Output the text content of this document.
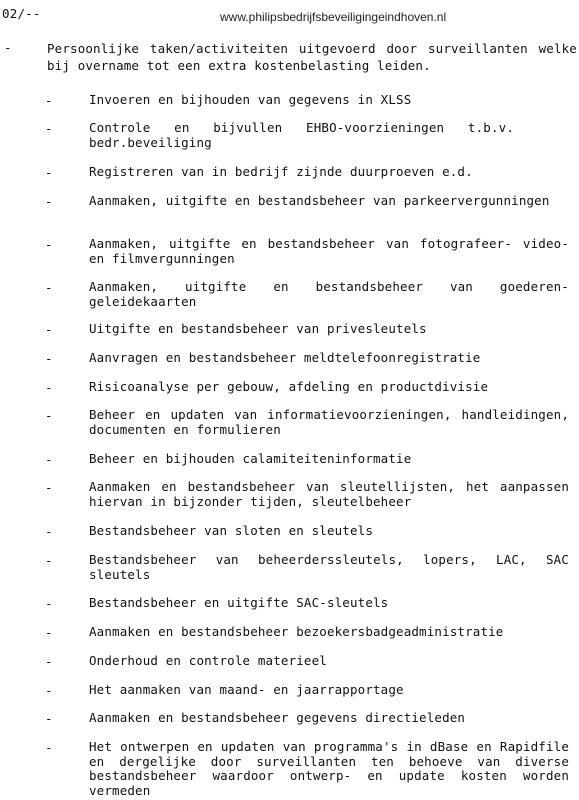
02/--	www.philipsbedrijfsbeveiligingeindhoven.nl
-	Persoonlijke taken/activiteiten uitgevoerd door surveillanten welke bij overname tot een extra kostenbelasting leiden.
-	Invoeren en bijhouden van gegevens in XLSS
-	Controle en bijvullen EHBO-voorzieningen t.b.v. bedr.beveiliging
-	Registreren van in bedrijf zijnde duurproeven e.d.
-	Aanmaken, uitgifte en bestandsbeheer van parkeervergunningen
-	Aanmaken, uitgifte en bestandsbeheer van fotografeer- video- en filmvergunningen
-	Aanmaken, uitgifte en bestandsbeheer van goederen- geleidekaarten
-	Uitgifte en bestandsbeheer van privesleutels
-	Aanvragen en bestandsbeheer meldtelefoonregistratie
-	Risicoanalyse per gebouw, afdeling en productdivisie
-	Beheer en updaten van informatievoorzieningen, handleidingen, documenten en formulieren
-	Beheer en bijhouden calamiteiteninformatie
-	Aanmaken en bestandsbeheer van sleutellijsten, het aanpassen hiervan in bijzonder tijden, sleutelbeheer
-	Bestandsbeheer van sloten en sleutels
-	Bestandsbeheer van beheerderssleutels, lopers, LAC, SAC sleutels
-	Bestandsbeheer en uitgifte SAC-sleutels
-	Aanmaken en bestandsbeheer bezoekersbadgeadministratie
-	Onderhoud en controle materieel
-	Het aanmaken van maand- en jaarrapportage
-	Aanmaken en bestandsbeheer gegevens directieleden
-	Het ontwerpen en updaten van programma's in dBase en Rapidfile en dergelijke door surveillanten ten behoeve van diverse bestandsbeheer waardoor ontwerp- en update kosten worden vermeden
